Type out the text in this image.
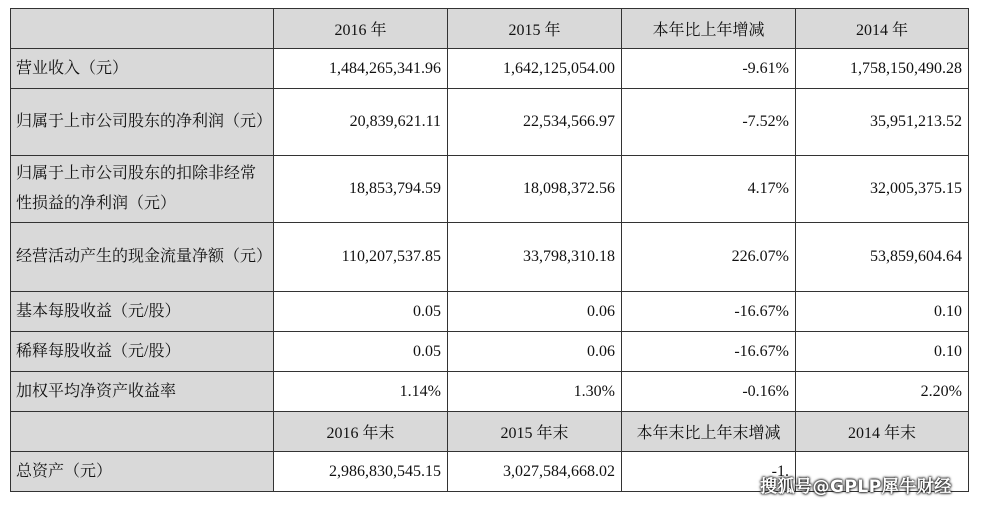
	2016 年	2015 年	本年比上年增减	2014 年
营业收入（元）	1,484,265,341.96	1,642,125,054.00	-9.61%	1,758,150,490.28
归属于上市公司股东的净利润（元）	20,839,621.11	22,534,566.97	-7.52%	35,951,213.52
归属于上市公司股东的扣除非经常性损益的净利润（元）	18,853,794.59	18,098,372.56	4.17%	32,005,375.15
经营活动产生的现金流量净额（元）	110,207,537.85	33,798,310.18	226.07%	53,859,604.64
基本每股收益（元/股）	0.05	0.06	-16.67%	0.10
稀释每股收益（元/股）	0.05	0.06	-16.67%	0.10
加权平均净资产收益率	1.14%	1.30%	-0.16%	2.20%
	2016 年末	2015 年末	本年末比上年末增减	2014 年末
总资产（元）	2,986,830,545.15	3,027,584,668.02	-1.	
搜狐号@GPLP犀牛财经
